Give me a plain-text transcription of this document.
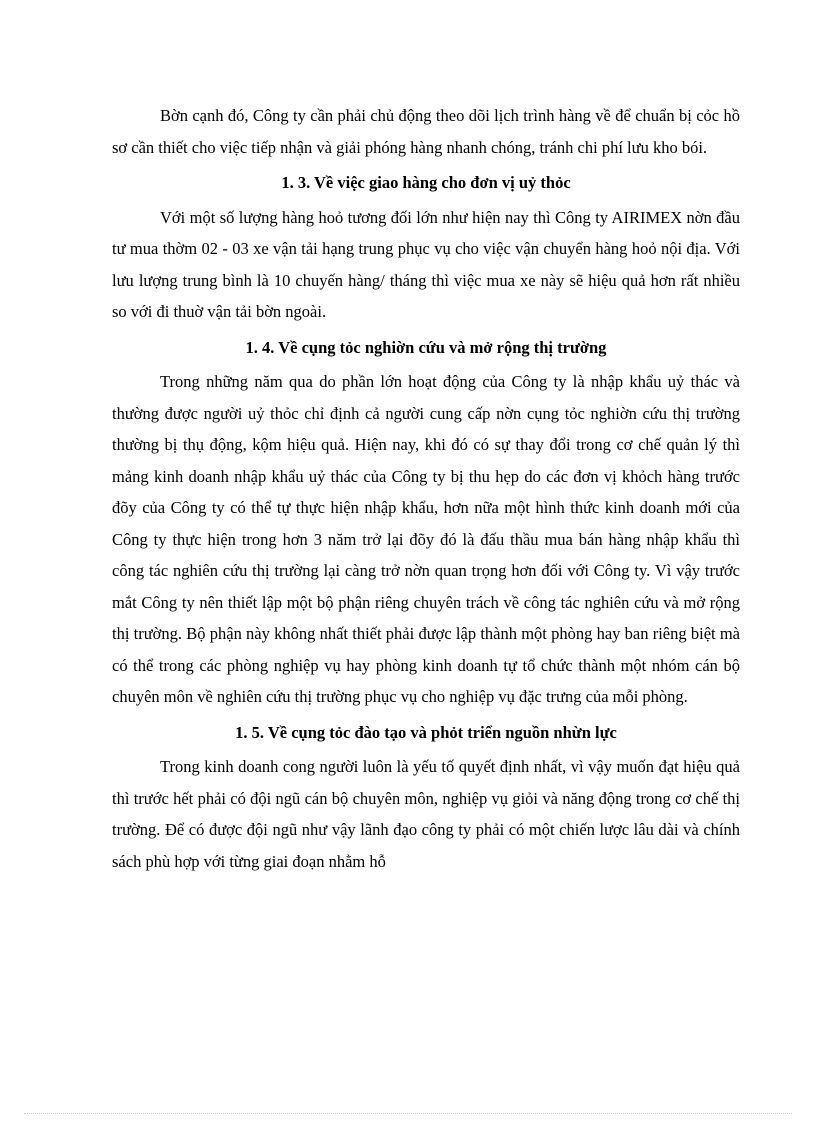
Bờn cạnh đó, Công ty cần phải chủ động theo dõi lịch trình hàng về để chuẩn bị cỏc hồ sơ cần thiết cho việc tiếp nhận và giải phóng hàng nhanh chóng, tránh chi phí lưu kho bói.

1. 3. Về việc giao hàng cho đơn vị uỷ thỏc

Với một số lượng hàng hoỏ tương đối lớn như hiện nay thì Công ty AIRIMEX nờn đầu tư mua thờm 02 - 03 xe vận tải hạng trung phục vụ cho việc vận chuyển hàng hoỏ nội địa. Với lưu lượng trung bình là 10 chuyến hàng/ tháng thì việc mua xe này sẽ hiệu quả hơn rất nhiều so với đi thuờ vận tải bờn ngoài.

1. 4. Về cụng tỏc nghiờn cứu và mở rộng thị trường

Trong những năm qua do phần lớn hoạt động của Công ty là nhập khẩu uỷ thác và thường được người uỷ thỏc chỉ định cả người cung cấp nờn cụng tỏc nghiờn cứu thị trường thường bị thụ động, kộm hiệu quả. Hiện nay, khi đó có sự thay đổi trong cơ chế quản lý thì mảng kinh doanh nhập khẩu uỷ thác của Công ty bị thu hẹp do các đơn vị khỏch hàng trước đõy của Công ty có thể tự thực hiện nhập khẩu, hơn nữa một hình thức kinh doanh mới của Công ty thực hiện trong hơn 3 năm trở lại đõy đó là đấu thầu mua bán hàng nhập khẩu thì công tác nghiên cứu thị trường lại càng trở nờn quan trọng hơn đối với Công ty. Vì vậy trước mắt Công ty nên thiết lập một bộ phận riêng chuyên trách về công tác nghiên cứu và mở rộng thị trường. Bộ phận này không nhất thiết phải được lập thành một phòng hay ban riêng biệt mà có thể trong các phòng nghiệp vụ hay phòng kinh doanh tự tổ chức thành một nhóm cán bộ chuyên môn về nghiên cứu thị trường phục vụ cho nghiệp vụ đặc trưng của mỗi phòng.

1. 5. Về cụng tỏc đào tạo và phỏt triển nguồn nhừn lực

Trong kinh doanh cong người luôn là yếu tố quyết định nhất, vì vậy muốn đạt hiệu quả thì trước hết phải có đội ngũ cán bộ chuyên môn, nghiệp vụ giỏi và năng động trong cơ chế thị trường. Để có được đội ngũ như vậy lãnh đạo công ty phải có một chiến lược lâu dài và chính sách phù hợp với từng giai đoạn nhằm hỗ
